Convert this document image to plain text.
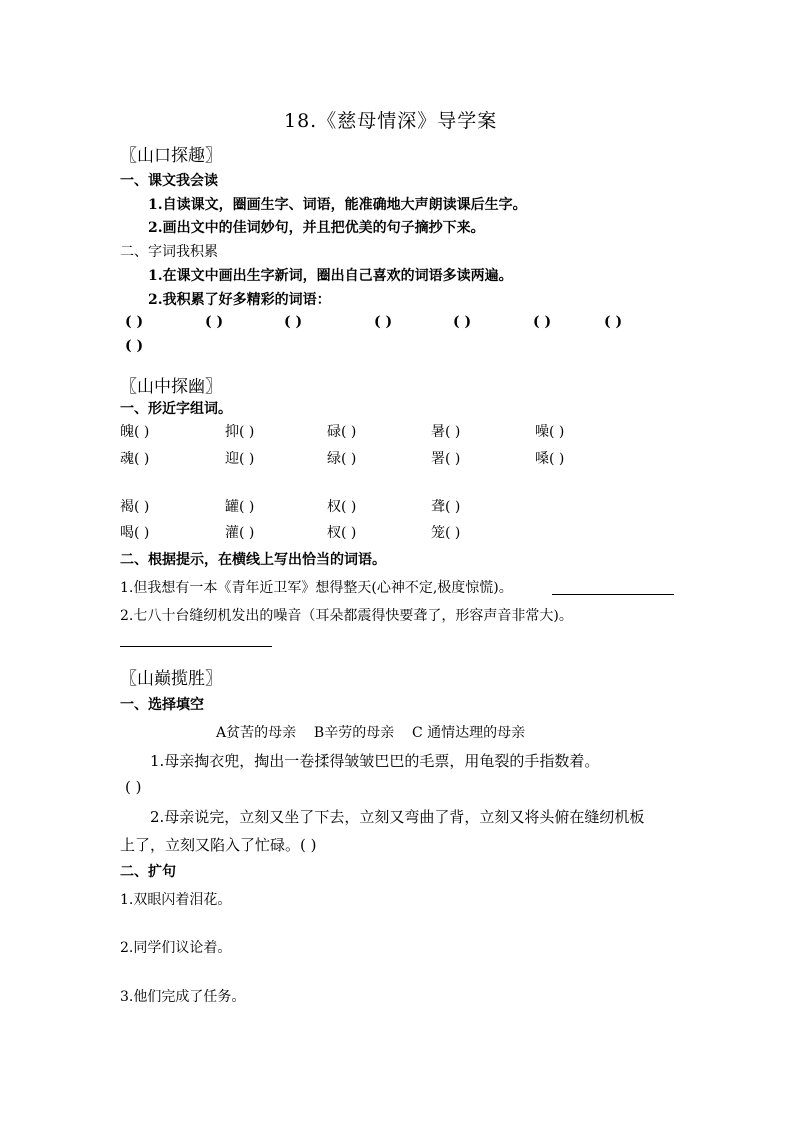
18.《慈母情深》导学案
〖山口探趣〗
一、课文我会读
1.自读课文，圈画生字、词语，能准确地大声朗读课后生字。
2.画出文中的佳词妙句，并且把优美的句子摘抄下来。
二、字词我积累
1.在课文中画出生字新词，圈出自己喜欢的词语多读两遍。
2.我积累了好多精彩的词语：
( )	( )	( )	( )	( )	( )	( )
( )
〖山中探幽〗
一、形近字组词。
魄( )	抑( )	碌( )	暑( )	噪( )
魂( )	迎( )	绿( )	署( )	嗓( )
褐( )	罐( )	权( )	聋( )
喝( )	灌( )	杈( )	笼( )
二、根据提示，在横线上写出恰当的词语。
1.但我想有一本《青年近卫军》想得整天(心神不定,极度惊慌)。
2.七八十台缝纫机发出的噪音（耳朵都震得快要聋了，形容声音非常大)。
〖山巅揽胜〗
一、选择填空
A贫苦的母亲    B辛劳的母亲    C 通情达理的母亲
1.母亲掏衣兜，掏出一卷揉得皱皱巴巴的毛票，用龟裂的手指数着。
( )
2.母亲说完，立刻又坐了下去，立刻又弯曲了背，立刻又将头俯在缝纫机板
上了，立刻又陷入了忙碌。( )
二、扩句
1.双眼闪着泪花。
2.同学们议论着。
3.他们完成了任务。
